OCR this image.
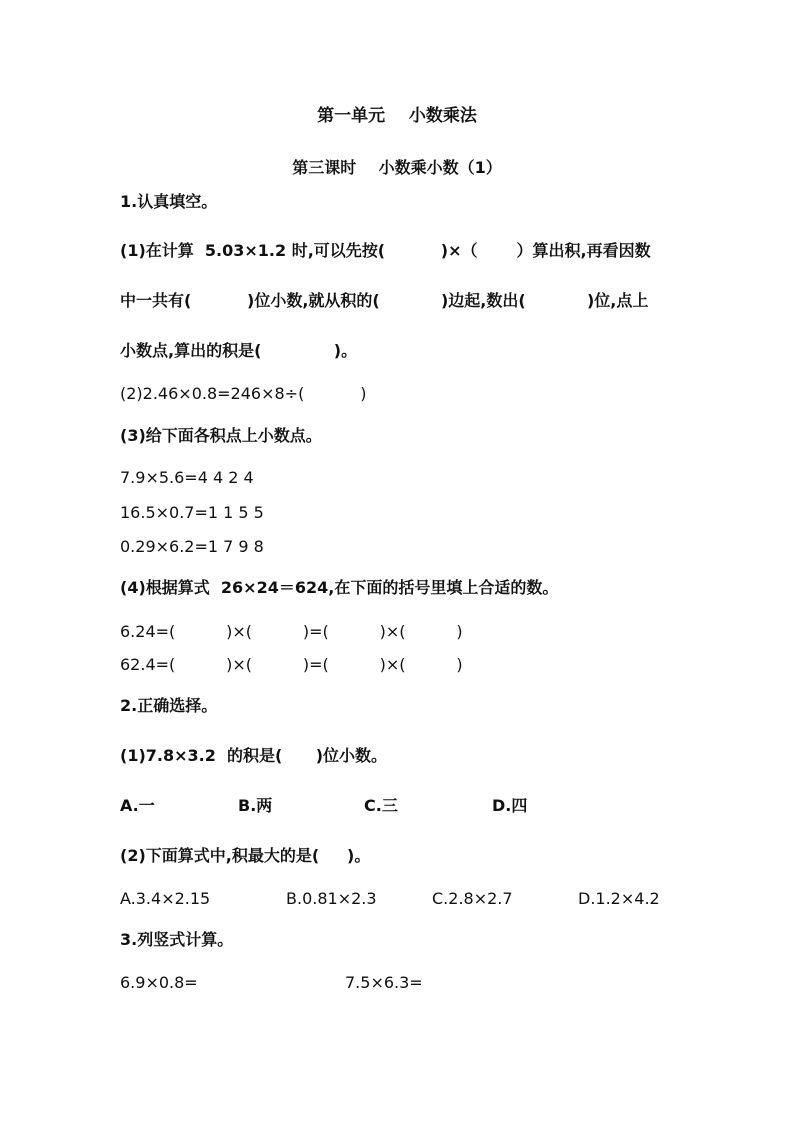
第一单元    小数乘法
第三课时    小数乘小数（1）
1.认真填空。
(1)在计算  5.03×1.2 时,可以先按(          )×（       ）算出积,再看因数
中一共有(          )位小数,就从积的(           )边起,数出(           )位,点上
小数点,算出的积是(             )。
(2)2.46×0.8=246×8÷(           )
(3)给下面各积点上小数点。
7.9×5.6=4 4 2 4
16.5×0.7=1 1 5 5
0.29×6.2=1 7 9 8
(4)根据算式  26×24＝624,在下面的括号里填上合适的数。
6.24=(          )×(          )=(          )×(          )
62.4=(          )×(          )=(          )×(          )
2.正确选择。
(1)7.8×3.2  的积是(      )位小数。
A.一	B.两	C.三	D.四
(2)下面算式中,积最大的是(     )。
A.3.4×2.15	B.0.81×2.3	C.2.8×2.7	D.1.2×4.2
3.列竖式计算。
6.9×0.8=	7.5×6.3=
